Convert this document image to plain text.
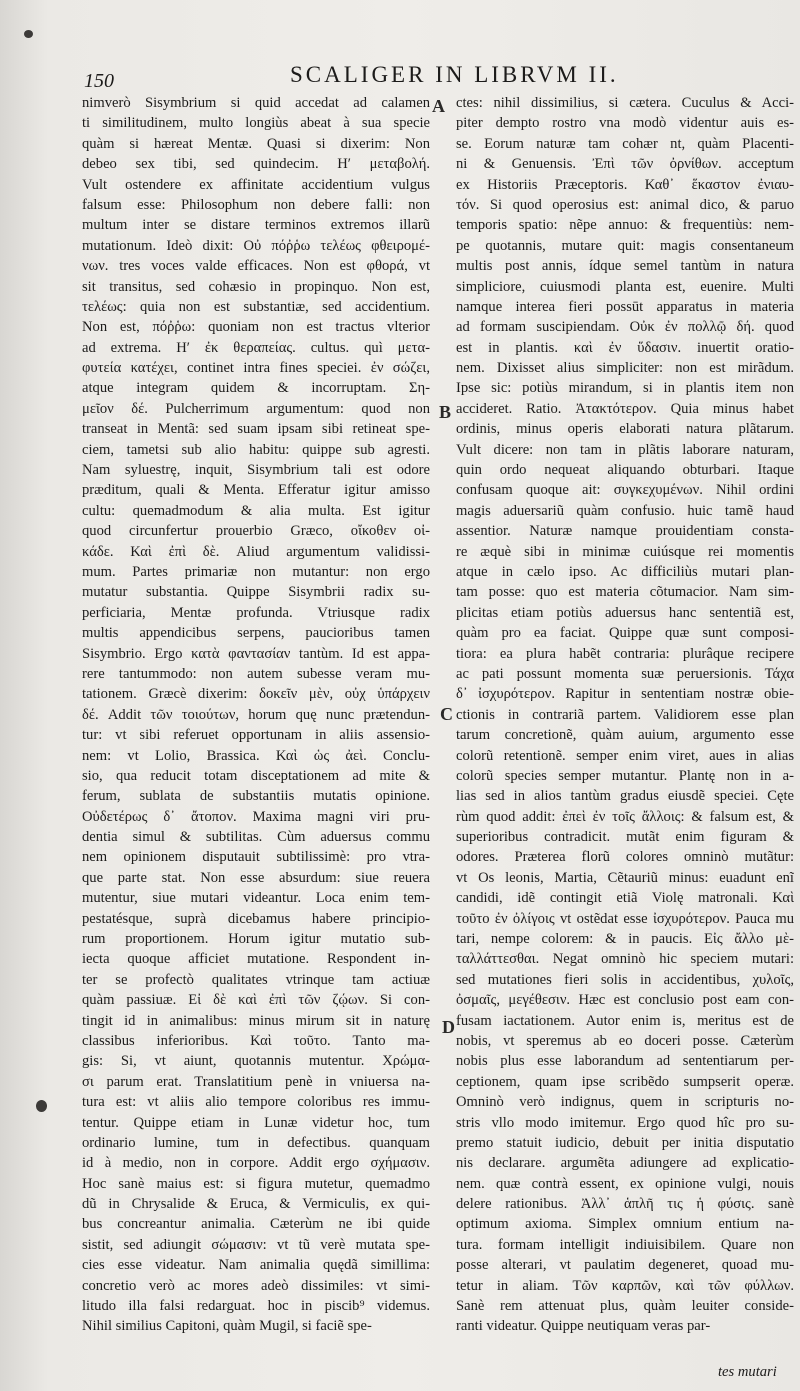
150	SCALIGER IN LIBRVM II.
nimverò Sisymbrium si quid accedat ad calamen
ti similitudinem, multo longiùs abeat à sua specie
quàm si hæreat Mentæ. Quasi si dixerim: Non
debeo sex tibi, sed quindecim. Ηʹ μεταβολή.
Vult ostendere ex affinitate accidentium vulgus
falsum esse: Philosophum non debere falli: non
multum inter se distare terminos extremos illarũ
mutationum. Ideò dixit: Οὐ πόῤῥω τελέως φθειρομέ-
νων. tres voces valde efficaces. Non est φθορά, vt
sit transitus, sed cohæsio in propinquo. Non est,
τελέως: quia non est substantiæ, sed accidentium.
Non est, πόῤῥω: quoniam non est tractus vlterior
ad extrema. Ηʹ ἐκ θεραπείας. cultus. quì μετα-
φυτεία κατέχει, continet intra fines speciei. ἐν σώζει,
atque integram quidem & incorruptam. Ση-
μεῖον δέ. Pulcherrimum argumentum: quod non
transeat in Mentã: sed suam ipsam sibi retineat spe-
ciem, tametsi sub alio habitu: quippe sub agresti.
Nam syluestrę, inquit, Sisymbrium tali est odore
præditum, quali & Menta. Efferatur igitur amisso
cultu: quemadmodum & alia multa. Est igitur
quod circunfertur prouerbio Græco, οἴκοθεν οἰ-
κάδε. Καὶ ἐπὶ δὲ. Aliud argumentum validissi-
mum. Partes primariæ non mutantur: non ergo
mutatur substantia. Quippe Sisymbrii radix su-
perficiaria, Mentæ profunda. Vtriusque radix
multis appendicibus serpens, paucioribus tamen
Sisymbrio. Ergo κατὰ φαντασίαν tantùm. Id est appa-
rere tantummodo: non autem subesse veram mu-
tationem. Græcè dixerim: δοκεῖν μὲν, οὐχ ὑπάρχειν
δέ. Addit τῶν τοιούτων, horum quę nunc prætendun-
tur: vt sibi referuet opportunam in aliis assensio-
nem: vt Lolio, Brassica. Καὶ ὡς ἀεὶ. Conclu-
sio, qua reducit totam disceptationem ad mite &
ferum, sublata de substantiis mutatis opinione.
Οὐδετέρως δ᾽ ἄτοπον. Maxima magni viri pru-
dentia simul & subtilitas. Cùm aduersus commu
nem opinionem disputauit subtilissimè: pro vtra-
que parte stat. Non esse absurdum: siue reuera
mutentur, siue mutari videantur. Loca enim tem-
pestatésque, suprà dicebamus habere principio-
rum proportionem. Horum igitur mutatio sub-
iecta quoque afficiet mutatione. Respondent in-
ter se profectò qualitates vtrinque tam actiuæ
quàm passiuæ. Εἰ δὲ καὶ ἐπὶ τῶν ζῴων. Si con-
tingit id in animalibus: minus mirum sit in naturę
classibus inferioribus. Καὶ τοῦτο. Tanto ma-
gis: Si, vt aiunt, quotannis mutentur. Χρώμα-
σι parum erat. Translatitium penè in vniuersa na-
tura est: vt aliis alio tempore coloribus res immu-
tentur. Quippe etiam in Lunæ videtur hoc, tum
ordinario lumine, tum in defectibus. quanquam
id à medio, non in corpore. Addit ergo σχήμασιν.
Hoc sanè maius est: si figura mutetur, quemadmo
dũ in Chrysalide & Eruca, & Vermiculis, ex qui-
bus concreantur animalia. Cæterùm ne ibi quide
sistit, sed adiungit σώμασιν: vt tũ verè mutata spe-
cies esse videatur. Nam animalia quędã simillima:
concretio verò ac mores adeò dissimiles: vt simi-
litudo illa falsi redarguat. hoc in piscib⁹ videmus.
Nihil similius Capitoni, quàm Mugil, si faciẽ spe-
ctes: nihil dissimilius, si cætera. Cuculus & Acci-
piter dempto rostro vna modò videntur auis es-
se. Eorum naturæ tam cohær nt, quàm Placenti-
ni & Genuensis. Ἐπὶ τῶν ὀρνίθων. acceptum
ex Historiis Præceptoris. Καθ᾽ ἕκαστον ἐνιαυ-
τόν. Si quod operosius est: animal dico, & paruo
temporis spatio: nẽpe annuo: & frequentiùs: nem-
pe quotannis, mutare quit: magis consentaneum
multis post annis, ídque semel tantùm in natura
simpliciore, cuiusmodi planta est, euenire. Multi
namque interea fieri possūt apparatus in materia
ad formam suscipiendam. Οὐκ ἐν πολλῷ δή. quod
est in plantis. καὶ ἐν ὕδασιν. inuertit oratio-
nem. Dixisset alius simpliciter: non est mirãdum.
Ipse sic: potiùs mirandum, si in plantis item non
accideret. Ratio. Ἀτακτότερον. Quia minus habet
ordinis, minus operis elaborati natura plãtarum.
Vult dicere: non tam in plãtis laborare naturam,
quin ordo nequeat aliquando obturbari. Itaque
confusam quoque ait: συγκεχυμένων. Nihil ordini
magis aduersariũ quàm confusio. huic tamẽ haud
assentior. Naturæ namque prouidentiam consta-
re æquè sibi in minimæ cuiúsque rei momentis
atque in cælo ipso. Ac difficiliùs mutari plan-
tam posse: quo est materia cõtumacior. Nam sim-
plicitas etiam potiùs aduersus hanc sententiã est,
quàm pro ea faciat. Quippe quæ sunt composi-
tiora: ea plura habẽt contraria: plurâque recipere
ac pati possunt momenta suæ peruersionis. Τάχα
δ᾽ ἰσχυρότερον. Rapitur in sententiam nostræ obie-
ctionis in contrariã partem. Validiorem esse plan
tarum concretionẽ, quàm auium, argumento esse
colorũ retentionẽ. semper enim viret, aues in alias
colorũ species semper mutantur. Plantę non in a-
lias sed in alios tantùm gradus eiusdẽ speciei. Cęte
rùm quod addit: ἐπεὶ ἐν τοῖς ἄλλοις: & falsum est, &
superioribus contradicit. mutãt enim figuram &
odores. Præterea florũ colores omninò mutãtur:
vt Os leonis, Martia, Cẽtauriũ minus: euadunt enĩ
candidi, idẽ contingit etiã Violę matronali. Καὶ
τοῦτο ἐν ὀλίγοις vt ostẽdat esse ἰσχυρότερον. Pauca mu
tari, nempe colorem: & in paucis. Εἰς ἄλλο μὲ-
ταλλάττεσθαι. Negat omninò hic speciem mutari:
sed mutationes fieri solis in accidentibus, χυλοῖς,
ὀσμαῖς, μεγέθεσιν. Hæc est conclusio post eam con-
fusam iactationem. Autor enim is, meritus est de
nobis, vt speremus ab eo doceri posse. Cæterùm
nobis plus esse laborandum ad sententiarum per-
ceptionem, quam ipse scribẽdo sumpserit operæ.
Omninò verò indignus, quem in scripturis no-
stris vllo modo imitemur. Ergo quod hîc pro su-
premo statuit iudicio, debuit per initia disputatio
nis declarare. argumẽta adiungere ad explicatio-
nem. quæ contrà essent, ex opinione vulgi, nouis
delere rationibus. Ἀλλ᾽ ἁπλῆ τις ἡ φύσις. sanè
optimum axioma. Simplex omnium entium na-
tura. formam intelligit indiuisibilem. Quare non
posse alterari, vt paulatim degeneret, quoad mu-
tetur in aliam. Τῶν καρπῶν, καὶ τῶν φύλλων.
Sanè rem attenuat plus, quàm leuiter conside-
ranti videatur. Quippe neutiquam veras par-
A
B
C
D
tes mutari
